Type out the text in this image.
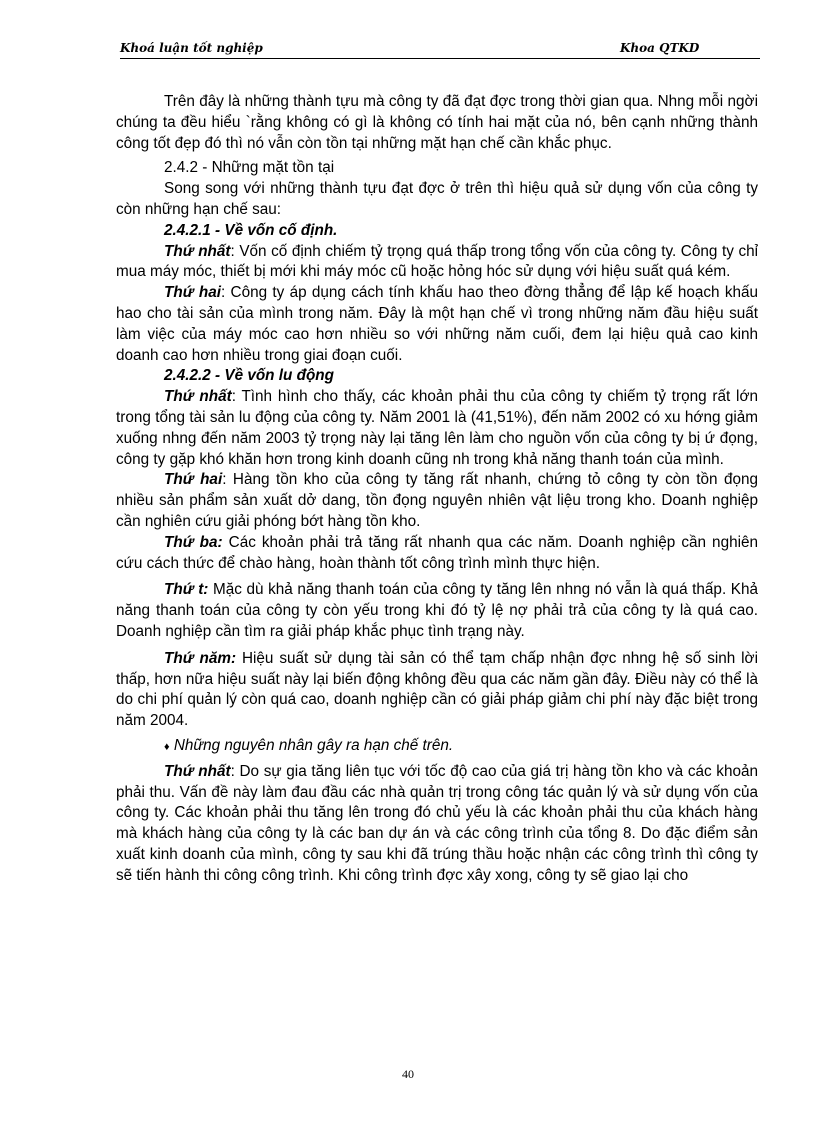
Khoá luận tốt nghiệp	Khoa QTKD

Trên đây là những thành tựu mà công ty đã đạt đợc trong thời gian qua. Nhng mỗi ngời chúng ta đều hiểu `rằng không có gì là không có tính hai mặt của nó, bên cạnh những thành công tốt đẹp đó thì nó vẫn còn tồn tại những mặt hạn chế cần khắc phục.

2.4.2 - Những mặt tồn tại

Song song với những thành tựu đạt đợc ở trên thì hiệu quả sử dụng vốn của công ty còn những hạn chế sau:

2.4.2.1 - Về vốn cố định.

Thứ nhất: Vốn cố định chiếm tỷ trọng quá thấp trong tổng vốn của công ty. Công ty chỉ mua máy móc, thiết bị mới khi máy móc cũ hoặc hỏng hóc sử dụng với hiệu suất quá kém.

Thứ hai: Công ty áp dụng cách tính khấu hao theo đờng thẳng để lập kế hoạch khấu hao cho tài sản của mình trong năm. Đây là một hạn chế vì trong những năm đầu hiệu suất làm việc của máy móc cao hơn nhiều so với những năm cuối, đem lại hiệu quả cao kinh doanh cao hơn nhiều trong giai đoạn cuối.

2.4.2.2 - Về vốn lu động

Thứ nhất: Tình hình cho thấy, các khoản phải thu của công ty chiếm tỷ trọng rất lớn trong tổng tài sản lu động của công ty. Năm 2001 là (41,51%), đến năm 2002 có xu hớng giảm xuống nhng đến năm 2003 tỷ trọng này lại tăng lên làm cho nguồn vốn của công ty bị ứ đọng, công ty gặp khó khăn hơn trong kinh doanh cũng nh trong khả năng thanh toán của mình.

Thứ hai: Hàng tồn kho của công ty tăng rất nhanh, chứng tỏ công ty còn tồn đọng nhiều sản phẩm sản xuất dở dang, tồn đọng nguyên nhiên vật liệu trong kho. Doanh nghiệp cần nghiên cứu giải phóng bớt hàng tồn kho.

Thứ ba: Các khoản phải trả tăng rất nhanh qua các năm. Doanh nghiệp cần nghiên cứu cách thức để chào hàng, hoàn thành tốt công trình mình thực hiện.

Thứ t: Mặc dù khả năng thanh toán của công ty tăng lên nhng nó vẫn là quá thấp. Khả năng thanh toán của công ty còn yếu trong khi đó tỷ lệ nợ phải trả của công ty là quá cao. Doanh nghiệp cần tìm ra giải pháp khắc phục tình trạng này.

Thứ năm: Hiệu suất sử dụng tài sản có thể tạm chấp nhận đợc nhng hệ số sinh lời thấp, hơn nữa hiệu suất này lại biến động không đều qua các năm gần đây. Điều này có thể là do chi phí quản lý còn quá cao, doanh nghiệp cần có giải pháp giảm chi phí này đặc biệt trong năm 2004.

♦ Những nguyên nhân gây ra hạn chế trên.

Thứ nhất: Do sự gia tăng liên tục với tốc độ cao của giá trị hàng tồn kho và các khoản phải thu. Vấn đề này làm đau đầu các nhà quản trị trong công tác quản lý và sử dụng vốn của công ty. Các khoản phải thu tăng lên trong đó chủ yếu là các khoản phải thu của khách hàng mà khách hàng của công ty là các ban dự án và các công trình của tổng 8. Do đặc điểm sản xuất kinh doanh của mình, công ty sau khi đã trúng thầu hoặc nhận các công trình thì công ty sẽ tiến hành thi công công trình. Khi công trình đợc xây xong, công ty sẽ giao lại cho

40
